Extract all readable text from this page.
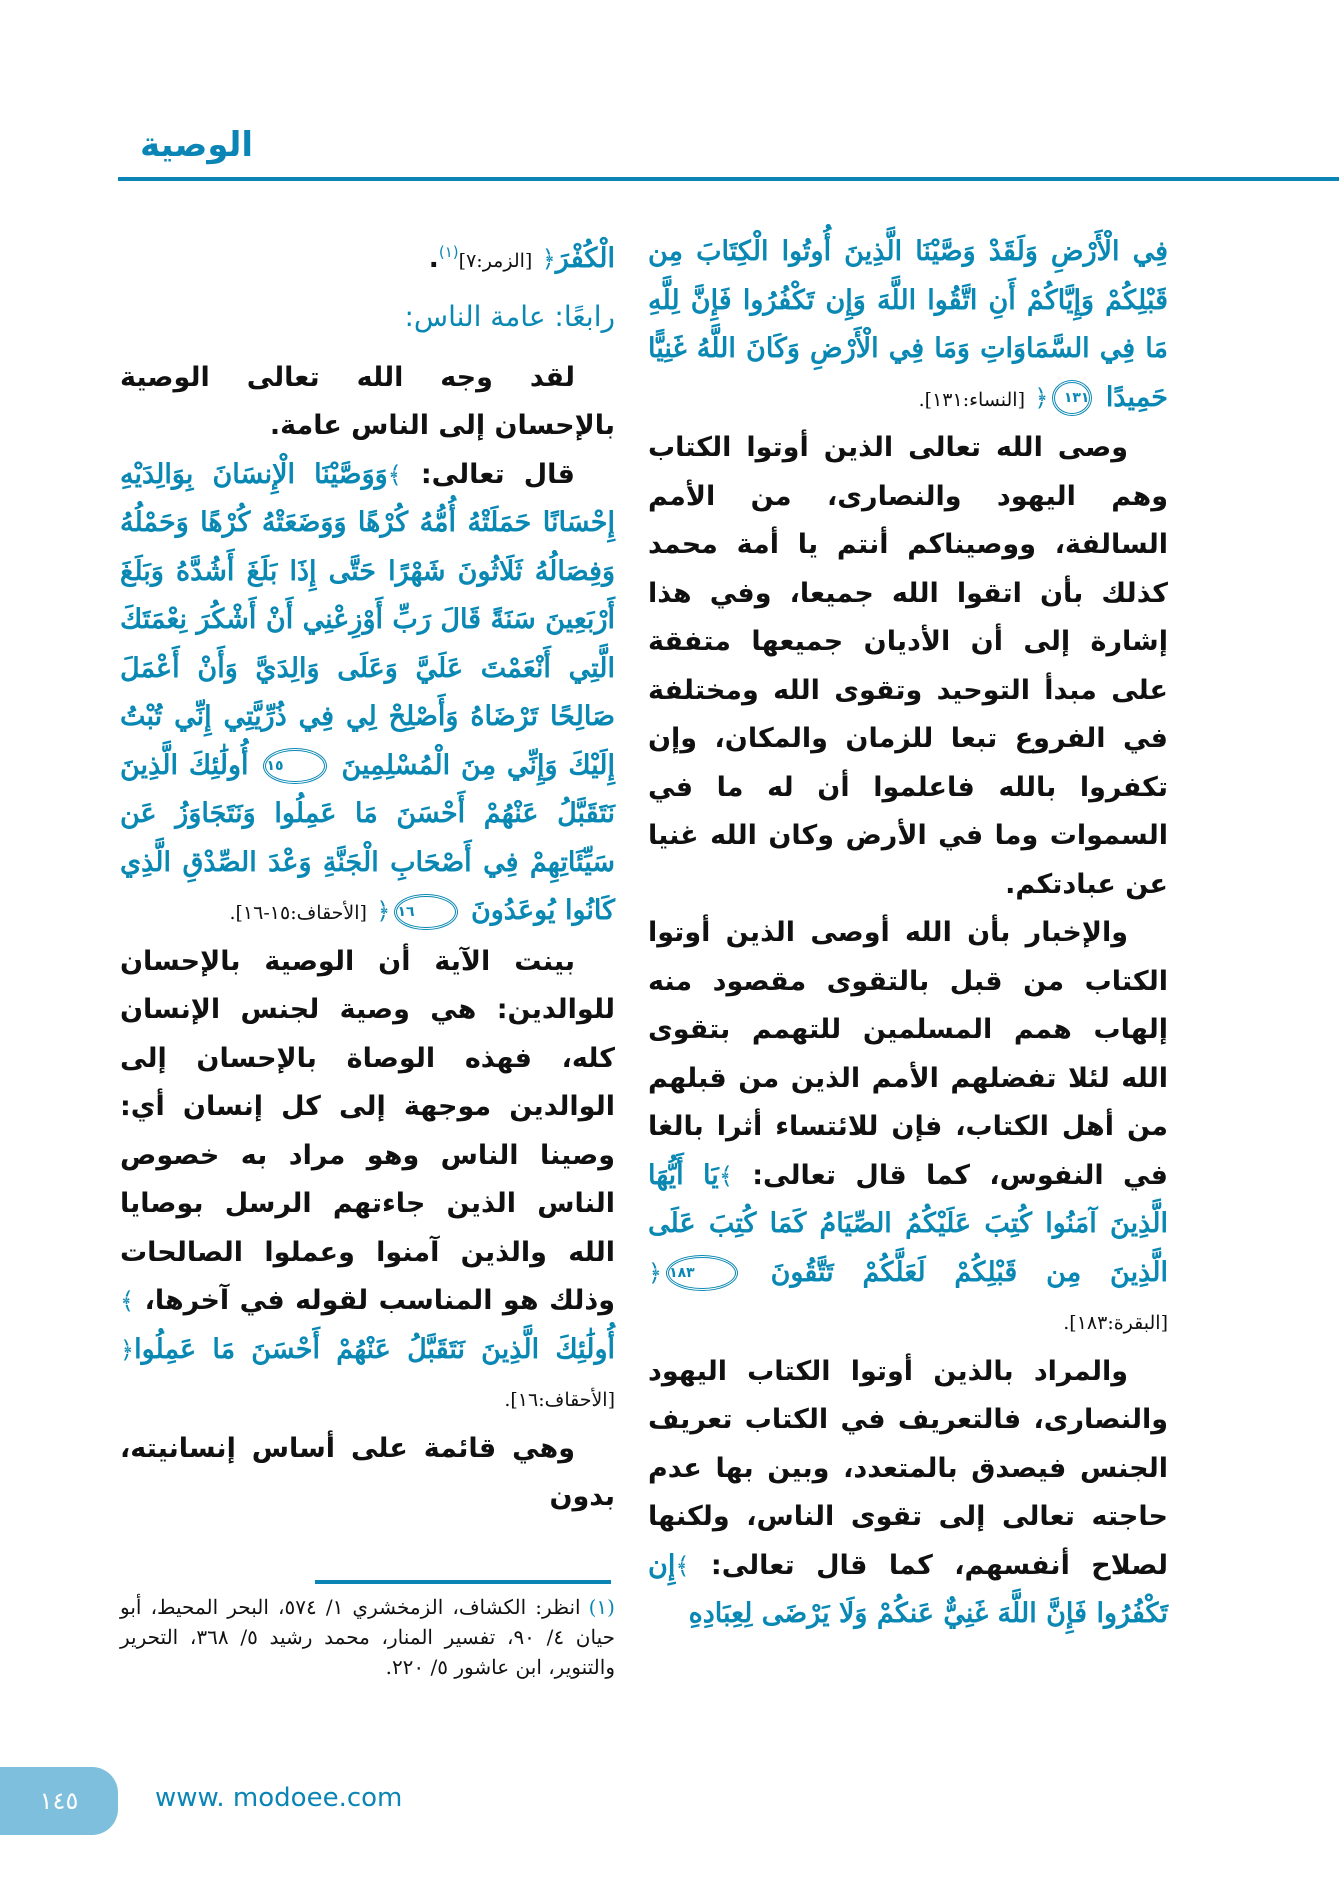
الوصية

فِي الْأَرْضِ وَلَقَدْ وَصَّيْنَا الَّذِينَ أُوتُوا الْكِتَابَ مِن قَبْلِكُمْ وَإِيَّاكُمْ أَنِ اتَّقُوا اللَّهَ وَإِن تَكْفُرُوا فَإِنَّ لِلَّهِ مَا فِي السَّمَاوَاتِ وَمَا فِي الْأَرْضِ وَكَانَ اللَّهُ غَنِيًّا حَمِيدًا ١٣١﴿ [النساء:١٣١].

وصى الله تعالى الذين أوتوا الكتاب وهم اليهود والنصارى، من الأمم السالفة، ووصيناكم أنتم يا أمة محمد كذلك بأن اتقوا الله جميعا، وفي هذا إشارة إلى أن الأديان جميعها متفقة على مبدأ التوحيد وتقوى الله ومختلفة في الفروع تبعا للزمان والمكان، وإن تكفروا بالله فاعلموا أن له ما في السموات وما في الأرض وكان الله غنيا عن عبادتكم.

والإخبار بأن الله أوصى الذين أوتوا الكتاب من قبل بالتقوى مقصود منه إلهاب همم المسلمين للتهمم بتقوى الله لئلا تفضلهم الأمم الذين من قبلهم من أهل الكتاب، فإن للائتساء أثرا بالغا في النفوس، كما قال تعالى: ﴾يَا أَيُّهَا الَّذِينَ آمَنُوا كُتِبَ عَلَيْكُمُ الصِّيَامُ كَمَا كُتِبَ عَلَى الَّذِينَ مِن قَبْلِكُمْ لَعَلَّكُمْ تَتَّقُونَ ١٨٣﴿ [البقرة:١٨٣].

والمراد بالذين أوتوا الكتاب اليهود والنصارى، فالتعريف في الكتاب تعريف الجنس فيصدق بالمتعدد، وبين بها عدم حاجته تعالى إلى تقوى الناس، ولكنها لصلاح أنفسهم، كما قال تعالى: ﴾إِن تَكْفُرُوا فَإِنَّ اللَّهَ غَنِيٌّ عَنكُمْ وَلَا يَرْضَى لِعِبَادِهِ

الْكُفْرَ﴿ [الزمر:٧]$^{(١)}$.

رابعًا: عامة الناس:

لقد وجه الله تعالى الوصية بالإحسان إلى الناس عامة.

قال تعالى: ﴾وَوَصَّيْنَا الْإِنسَانَ بِوَالِدَيْهِ إِحْسَانًا حَمَلَتْهُ أُمُّهُ كُرْهًا وَوَضَعَتْهُ كُرْهًا وَحَمْلُهُ وَفِصَالُهُ ثَلَاثُونَ شَهْرًا حَتَّى إِذَا بَلَغَ أَشُدَّهُ وَبَلَغَ أَرْبَعِينَ سَنَةً قَالَ رَبِّ أَوْزِعْنِي أَنْ أَشْكُرَ نِعْمَتَكَ الَّتِي أَنْعَمْتَ عَلَيَّ وَعَلَى وَالِدَيَّ وَأَنْ أَعْمَلَ صَالِحًا تَرْضَاهُ وَأَصْلِحْ لِي فِي ذُرِّيَّتِي إِنِّي تُبْتُ إِلَيْكَ وَإِنِّي مِنَ الْمُسْلِمِينَ ١٥ أُولَٰئِكَ الَّذِينَ نَتَقَبَّلُ عَنْهُمْ أَحْسَنَ مَا عَمِلُوا وَنَتَجَاوَزُ عَن سَيِّئَاتِهِمْ فِي أَصْحَابِ الْجَنَّةِ وَعْدَ الصِّدْقِ الَّذِي كَانُوا يُوعَدُونَ ١٦﴿ [الأحقاف:١٥-١٦].

بينت الآية أن الوصية بالإحسان للوالدين: هي وصية لجنس الإنسان كله، فهذه الوصاة بالإحسان إلى الوالدين موجهة إلى كل إنسان أي: وصينا الناس وهو مراد به خصوص الناس الذين جاءتهم الرسل بوصايا الله والذين آمنوا وعملوا الصالحات وذلك هو المناسب لقوله في آخرها، ﴾أُولَٰئِكَ الَّذِينَ نَتَقَبَّلُ عَنْهُمْ أَحْسَنَ مَا عَمِلُوا﴿ [الأحقاف:١٦].

وهي قائمة على أساس إنسانيته، بدون

(١)انظر: الكشاف، الزمخشري ١/ ٥٧٤، البحر المحيط، أبو حيان ٤/ ٩٠، تفسير المنار، محمد رشيد ٥/ ٣٦٨، التحرير والتنوير، ابن عاشور ٥/ ٢٢٠.
١٤٥	www. modoee.com
